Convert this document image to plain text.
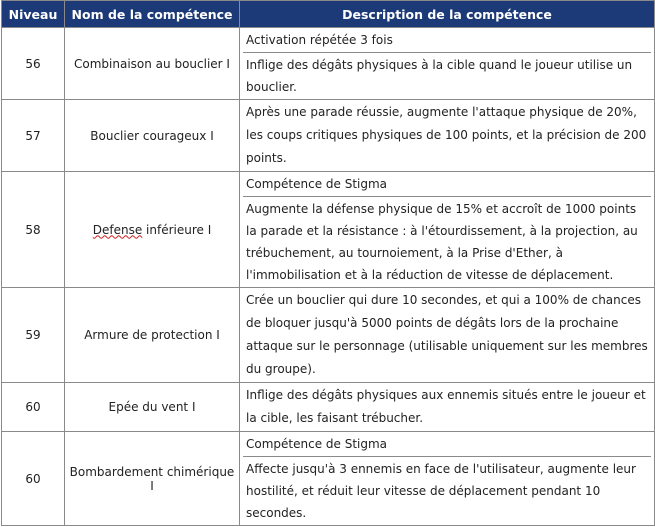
Niveau	Nom de la compétence	Description de la compétence
56	Combinaison au bouclier I	Activation répétée 3 fois
Inflige des dégâts physiques à la cible quand le joueur utilise un bouclier.

57	Bouclier courageux I	Après une parade réussie, augmente l'attaque physique de 20%, les coups critiques physiques de 100 points, et la précision de 200 points.

58	Defense inférieure I	Compétence de Stigma
Augmente la défense physique de 15% et accroît de 1000 points la parade et la résistance : à l'étourdissement, à la projection, au trébuchement, au tournoiement, à la Prise d'Ether, à l'immobilisation et à la réduction de vitesse de déplacement.

59	Armure de protection I	Crée un bouclier qui dure 10 secondes, et qui a 100% de chances de bloquer jusqu'à 5000 points de dégâts lors de la prochaine attaque sur le personnage (utilisable uniquement sur les membres du groupe).

60	Epée du vent I	Inflige des dégâts physiques aux ennemis situés entre le joueur et la cible, les faisant trébucher.

60	Bombardement chimérique I	Compétence de Stigma
Affecte jusqu'à 3 ennemis en face de l'utilisateur, augmente leur hostilité, et réduit leur vitesse de déplacement pendant 10 secondes.
